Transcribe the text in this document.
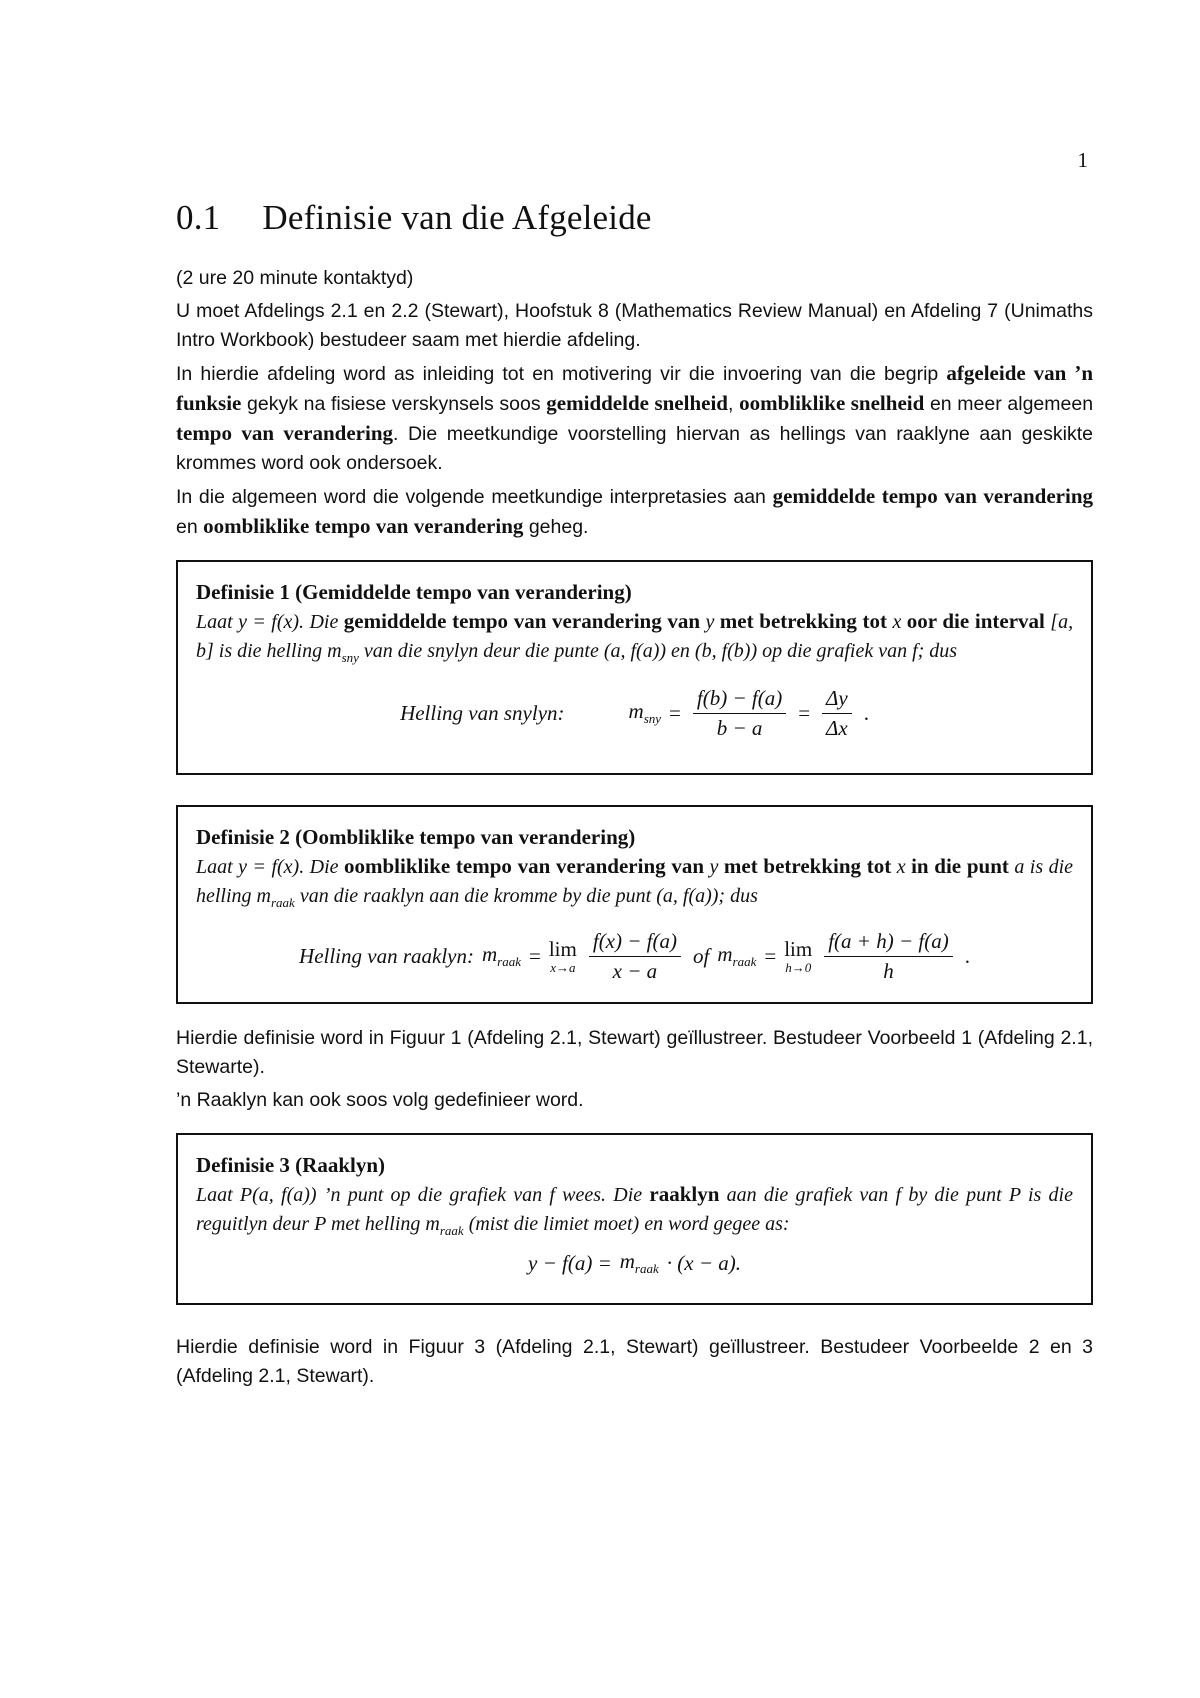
1
0.1 Definisie van die Afgeleide

(2 ure 20 minute kontaktyd)

U moet Afdelings 2.1 en 2.2 (Stewart), Hoofstuk 8 (Mathematics Review Manual) en Afdeling 7 (Unimaths Intro Workbook) bestudeer saam met hierdie afdeling.

In hierdie afdeling word as inleiding tot en motivering vir die invoering van die begrip afgeleide van ’n funksie gekyk na fisiese verskynsels soos gemiddelde snelheid, oombliklike snelheid en meer algemeen tempo van verandering. Die meetkundige voorstelling hiervan as hellings van raaklyne aan geskikte krommes word ook ondersoek.

In die algemeen word die volgende meetkundige interpretasies aan gemiddelde tempo van verandering en oombliklike tempo van verandering geheg.

Definisie 1 (Gemiddelde tempo van verandering)
Laat y = f(x). Die gemiddelde tempo van verandering van y met betrekking tot x oor die interval [a, b] is die helling $m_{sny}$ van die snylyn deur die punte (a, f(a)) en (b, f(b)) op die grafiek van f; dus
Helling van snylyn:	$m_{sny} = \frac{f(b) - f(a)}{b - a} = \frac{\Delta y}{\Delta x}$ .
Definisie 2 (Oombliklike tempo van verandering)
Laat y = f(x). Die oombliklike tempo van verandering van y met betrekking tot x in die punt a is die helling $m_{raak}$ van die raaklyn aan die kromme by die punt (a, f(a)); dus
Helling van raaklyn: $m_{raak} = \lim$
$x\to a \frac{f(x) - f(a)}{x - a}$ of $m_{raak} = \lim$
$h\to 0 \frac{f(a + h) - f(a)}{h}$ .

Hierdie definisie word in Figuur 1 (Afdeling 2.1, Stewart) geïllustreer. Bestudeer Voorbeeld 1 (Afdeling 2.1, Stewarte).

’n Raaklyn kan ook soos volg gedefinieer word.

Definisie 3 (Raaklyn)
Laat P(a, f(a)) ’n punt op die grafiek van f wees. Die raaklyn aan die grafiek van f by die punt P is die reguitlyn deur P met helling $m_{raak}$ (mist die limiet moet) en word gegee as:
$y - f(a) = m_{raak} \cdot (x - a)$.

Hierdie definisie word in Figuur 3 (Afdeling 2.1, Stewart) geïllustreer. Bestudeer Voorbeelde 2 en 3 (Afdeling 2.1, Stewart).
